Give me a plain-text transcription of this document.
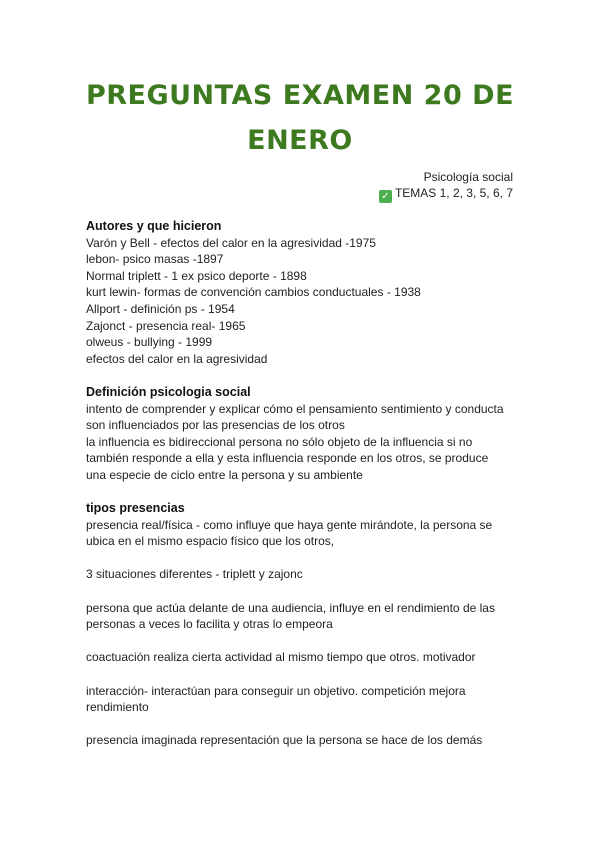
PREGUNTAS EXAMEN 20 DE
ENERO
Psicología social
✓ TEMAS 1, 2, 3, 5, 6, 7
Autores y que hicieron

Varón y Bell - efectos del calor en la agresividad -1975

lebon- psico masas -1897

Normal triplett - 1 ex psico deporte - 1898

kurt lewin- formas de convención cambios conductuales - 1938

Allport - definición ps - 1954

Zajonct - presencia real- 1965

olweus - bullying - 1999

efectos del calor en la agresividad

Definición psicologia social

intento de comprender y explicar cómo el pensamiento sentimiento y conducta

son influenciados por las presencias de los otros

la influencia es bidireccional persona no sólo objeto de la influencia si no

también responde a ella y esta influencia responde en los otros, se produce

una especie de ciclo entre la persona y su ambiente

tipos presencias

presencia real/física - como influye que haya gente mirándote, la persona se

ubica en el mismo espacio físico que los otros,

3 situaciones diferentes - triplett y zajonc

persona que actúa delante de una audiencia, influye en el rendimiento de las

personas a veces lo facilita y otras lo empeora

coactuación realiza cierta actividad al mismo tiempo que otros. motivador

interacción- interactúan para conseguir un objetivo. competición mejora

rendimiento

presencia imaginada representación que la persona se hace de los demás
